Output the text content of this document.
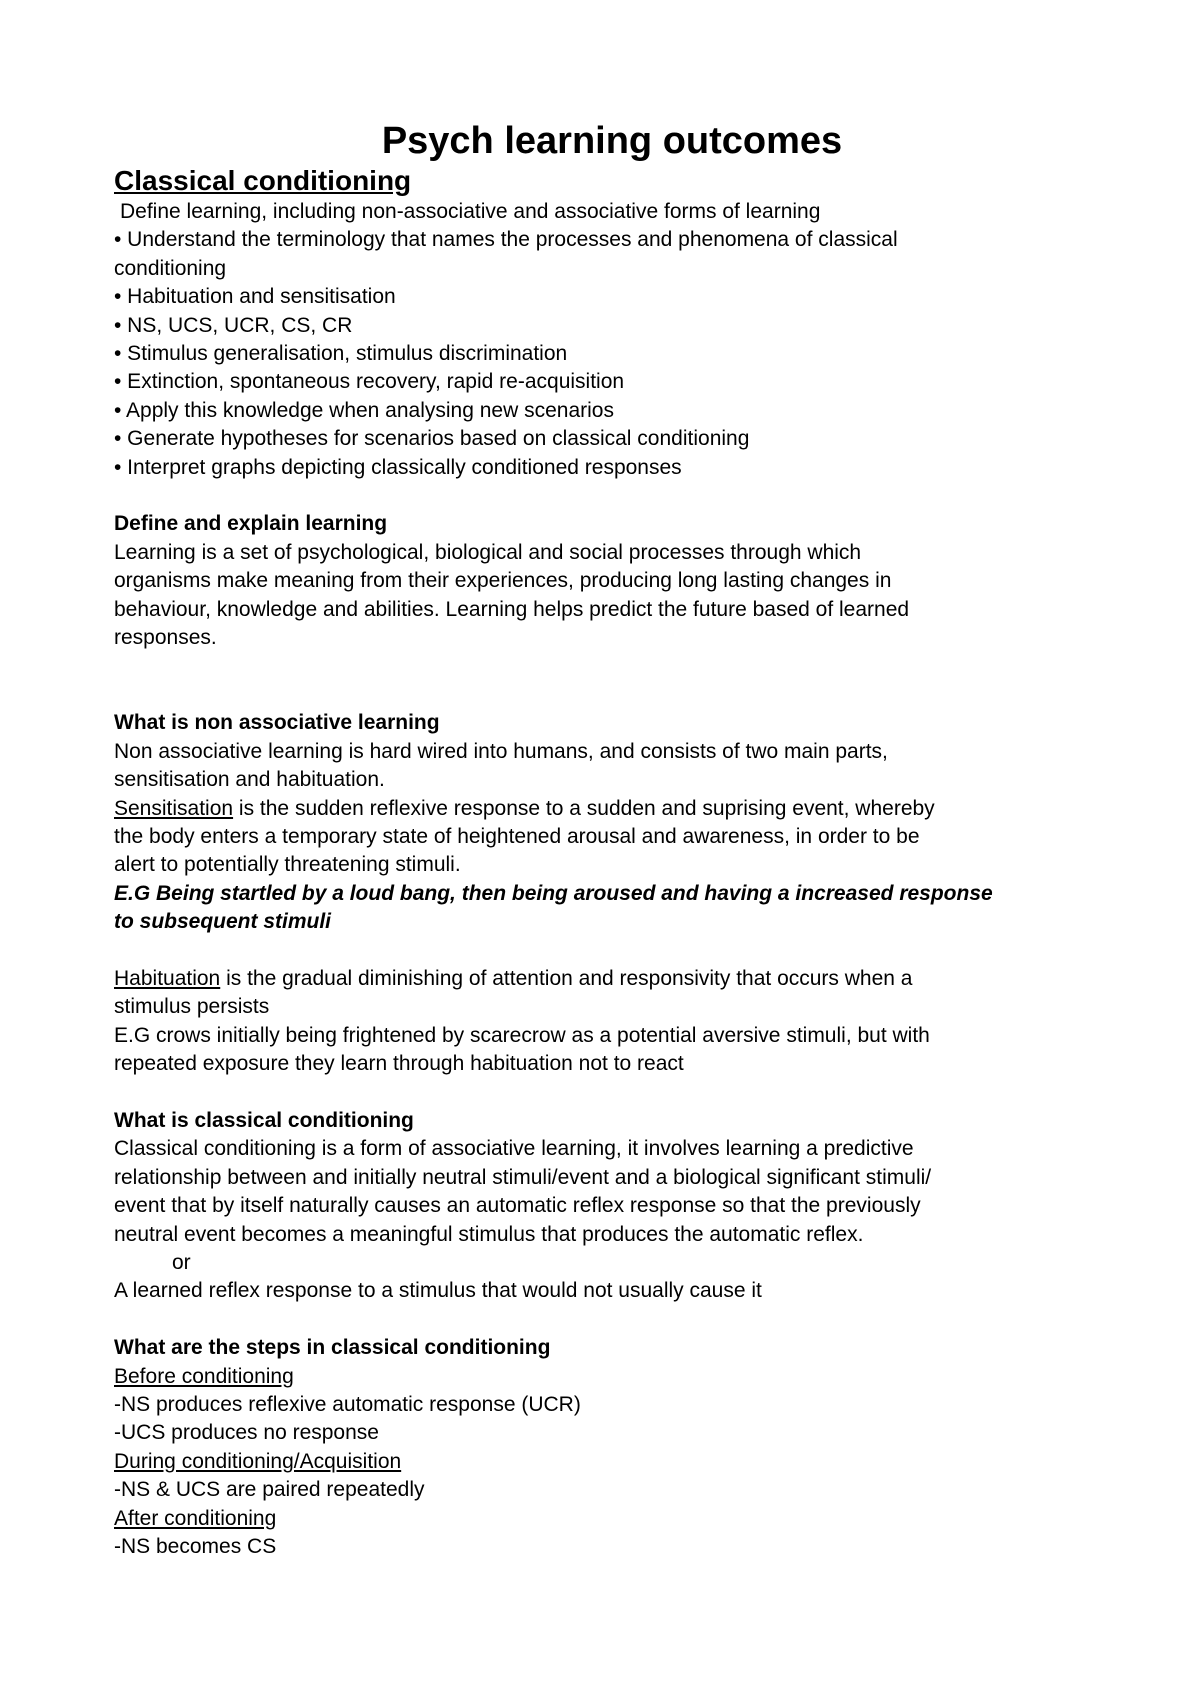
Psych learning outcomes
Classical conditioning

Define learning, including non-associative and associative forms of learning

• Understand the terminology that names the processes and phenomena of classical

conditioning

• Habituation and sensitisation

• NS, UCS, UCR, CS, CR

• Stimulus generalisation, stimulus discrimination

• Extinction, spontaneous recovery, rapid re-acquisition

• Apply this knowledge when analysing new scenarios

• Generate hypotheses for scenarios based on classical conditioning

• Interpret graphs depicting classically conditioned responses

Define and explain learning

Learning is a set of psychological, biological and social processes through which

organisms make meaning from their experiences, producing long lasting changes in

behaviour, knowledge and abilities. Learning helps predict the future based of learned

responses.

What is non associative learning

Non associative learning is hard wired into humans, and consists of two main parts,

sensitisation and habituation.

Sensitisation is the sudden reflexive response to a sudden and suprising event, whereby

the body enters a temporary state of heightened arousal and awareness, in order to be

alert to potentially threatening stimuli.

E.G Being startled by a loud bang, then being aroused and having a increased response

to subsequent stimuli

Habituation is the gradual diminishing of attention and responsivity that occurs when a

stimulus persists

E.G crows initially being frightened by scarecrow as a potential aversive stimuli, but with

repeated exposure they learn through habituation not to react

What is classical conditioning

Classical conditioning is a form of associative learning, it involves learning a predictive

relationship between and initially neutral stimuli/event and a biological significant stimuli/

event that by itself naturally causes an automatic reflex response so that the previously

neutral event becomes a meaningful stimulus that produces the automatic reflex.

or

A learned reflex response to a stimulus that would not usually cause it

What are the steps in classical conditioning

Before conditioning

-NS produces reflexive automatic response (UCR)

-UCS produces no response

During conditioning/Acquisition

-NS & UCS are paired repeatedly

After conditioning

-NS becomes CS
